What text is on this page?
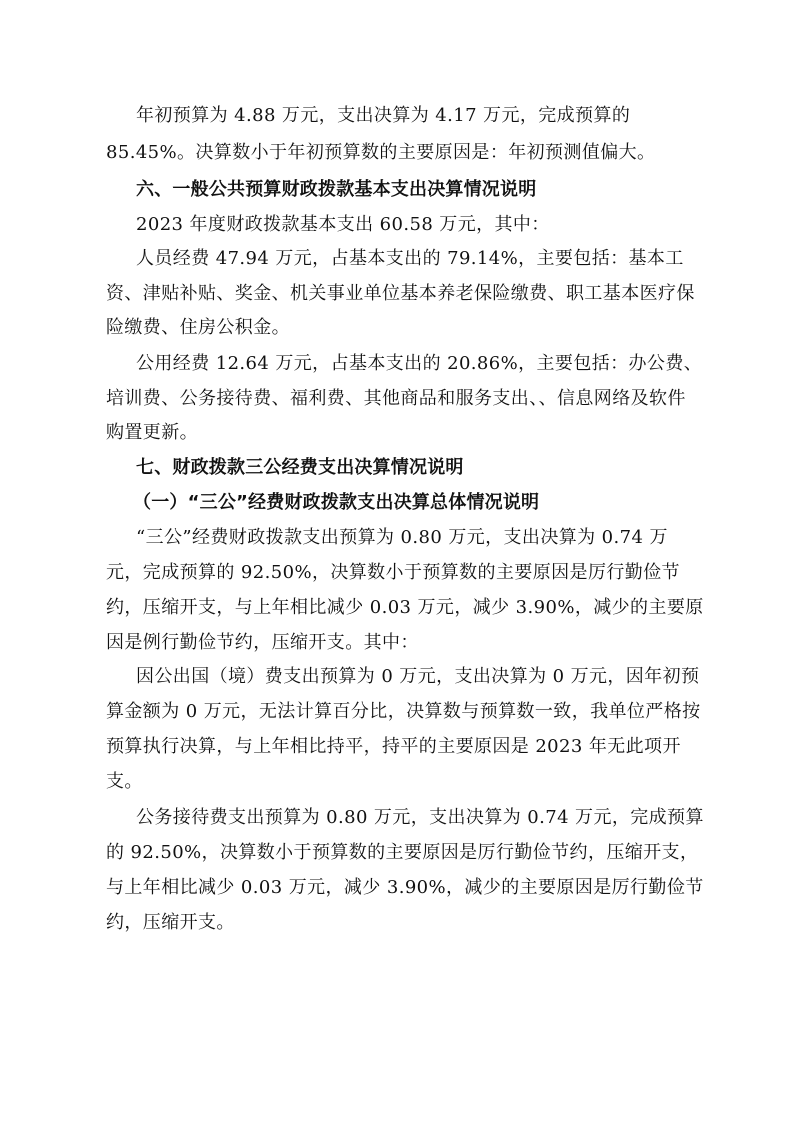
年初预算为 4.88 万元，支出决算为 4.17 万元，完成预算的
85.45%。决算数小于年初预算数的主要原因是：年初预测值偏大。
六、一般公共预算财政拨款基本支出决算情况说明
2023 年度财政拨款基本支出 60.58 万元，其中：
人员经费 47.94 万元，占基本支出的 79.14%，主要包括：基本工
资、津贴补贴、奖金、机关事业单位基本养老保险缴费、职工基本医疗保
险缴费、住房公积金。
公用经费 12.64 万元，占基本支出的 20.86%，主要包括：办公费、
培训费、公务接待费、福利费、其他商品和服务支出、、信息网络及软件
购置更新。
七、财政拨款三公经费支出决算情况说明
（一）“三公”经费财政拨款支出决算总体情况说明
“三公”经费财政拨款支出预算为 0.80 万元，支出决算为 0.74 万
元，完成预算的 92.50%，决算数小于预算数的主要原因是厉行勤俭节
约，压缩开支，与上年相比减少 0.03 万元，减少 3.90%，减少的主要原
因是例行勤俭节约，压缩开支。其中：
因公出国（境）费支出预算为 0 万元，支出决算为 0 万元，因年初预
算金额为 0 万元，无法计算百分比，决算数与预算数一致，我单位严格按
预算执行决算，与上年相比持平，持平的主要原因是 2023 年无此项开
支。
公务接待费支出预算为 0.80 万元，支出决算为 0.74 万元，完成预算
的 92.50%，决算数小于预算数的主要原因是厉行勤俭节约，压缩开支，
与上年相比减少 0.03 万元，减少 3.90%，减少的主要原因是厉行勤俭节
约，压缩开支。
